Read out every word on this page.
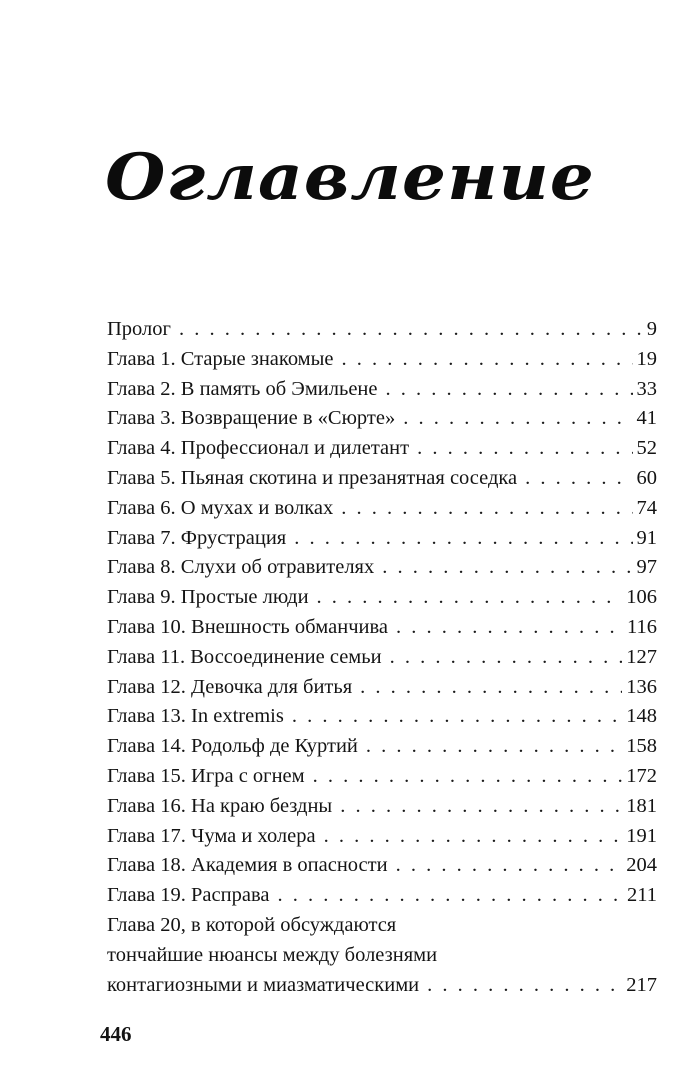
Оглавление
Пролог . . .	9
Глава 1. Старые знакомые . . .	19
Глава 2. В память об Эмильене . . .	33
Глава 3. Возвращение в «Сюрте» . . .	41
Глава 4. Профессионал и дилетант . . .	52
Глава 5. Пьяная скотина и презанятная соседка . . .	60
Глава 6. О мухах и волках . . .	74
Глава 7. Фрустрация . . .	91
Глава 8. Слухи об отравителях . . .	97
Глава 9. Простые люди . . .	106
Глава 10. Внешность обманчива . . .	116
Глава 11. Воссоединение семьи . . .	127
Глава 12. Девочка для битья . . .	136
Глава 13. In extremis . . .	148
Глава 14. Родольф де Куртий . . .	158
Глава 15. Игра с огнем . . .	172
Глава 16. На краю бездны . . .	181
Глава 17. Чума и холера . . .	191
Глава 18. Академия в опасности . . .	204
Глава 19. Расправа . . .	211
Глава 20, в которой обсуждаются
тончайшие нюансы между болезнями
контагиозными и миазматическими . . .	217
446
